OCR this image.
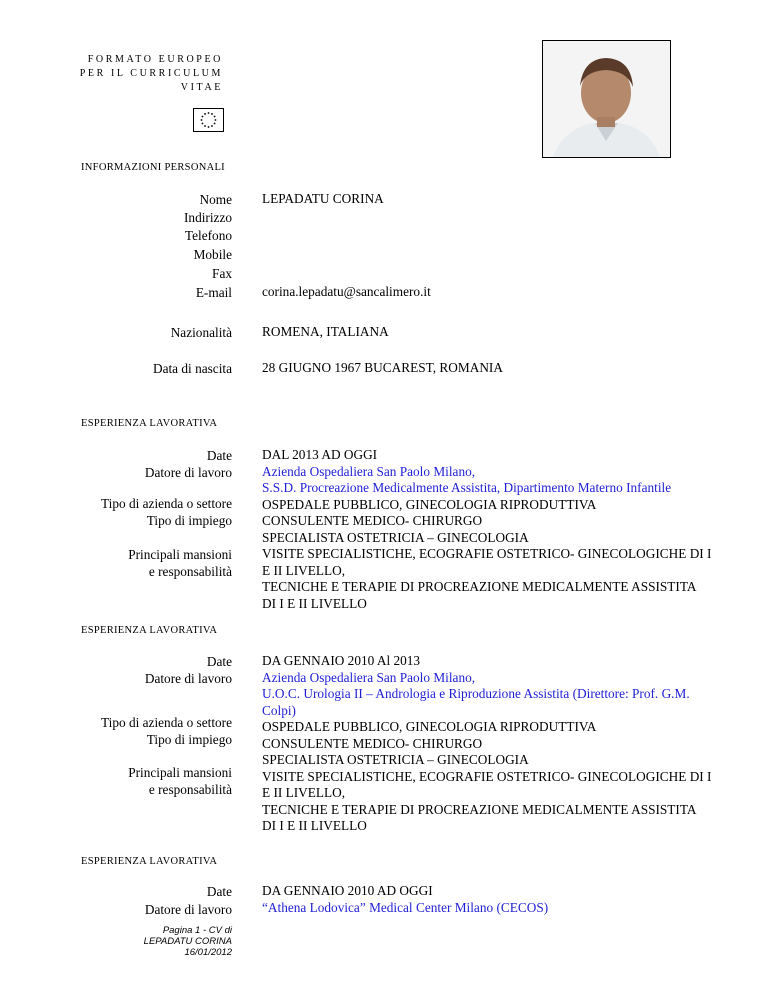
FORMATO EUROPEO
PER IL CURRICULUM
VITAE
INFORMAZIONI PERSONALI
Nome LEPADATU CORINA
Indirizzo
Telefono
Mobile
Fax
E-mail corina.lepadatu@sancalimero.it
Nazionalità ROMENA, ITALIANA
Data di nascita 28 GIUGNO 1967 BUCAREST, ROMANIA
ESPERIENZA LAVORATIVA
Date
Datore di lavoro
Tipo di azienda o settore
Tipo di impiego
Principali mansioni
e responsabilità
DAL 2013 AD OGGI
Azienda Ospedaliera San Paolo Milano,
S.S.D. Procreazione Medicalmente Assistita, Dipartimento Materno Infantile
OSPEDALE PUBBLICO, GINECOLOGIA RIPRODUTTIVA
CONSULENTE MEDICO- CHIRURGO
SPECIALISTA OSTETRICIA – GINECOLOGIA
VISITE SPECIALISTICHE, ECOGRAFIE OSTETRICO- GINECOLOGICHE DI I
E II LIVELLO,
TECNICHE E TERAPIE DI PROCREAZIONE MEDICALMENTE ASSISTITA
DI I E II LIVELLO
ESPERIENZA LAVORATIVA
Date
Datore di lavoro
Tipo di azienda o settore
Tipo di impiego
Principali mansioni
e responsabilità
DA GENNAIO 2010 Al 2013
Azienda Ospedaliera San Paolo Milano,
U.O.C. Urologia II – Andrologia e Riproduzione Assistita (Direttore: Prof. G.M.
Colpi)
OSPEDALE PUBBLICO, GINECOLOGIA RIPRODUTTIVA
CONSULENTE MEDICO- CHIRURGO
SPECIALISTA OSTETRICIA – GINECOLOGIA
VISITE SPECIALISTICHE, ECOGRAFIE OSTETRICO- GINECOLOGICHE DI I
E II LIVELLO,
TECNICHE E TERAPIE DI PROCREAZIONE MEDICALMENTE ASSISTITA
DI I E II LIVELLO
ESPERIENZA LAVORATIVA
Date
Datore di lavoro
DA GENNAIO 2010 AD OGGI
“Athena Lodovica” Medical Center Milano (CECOS)
Pagina 1 - CV di
LEPADATU CORINA
16/01/2012
